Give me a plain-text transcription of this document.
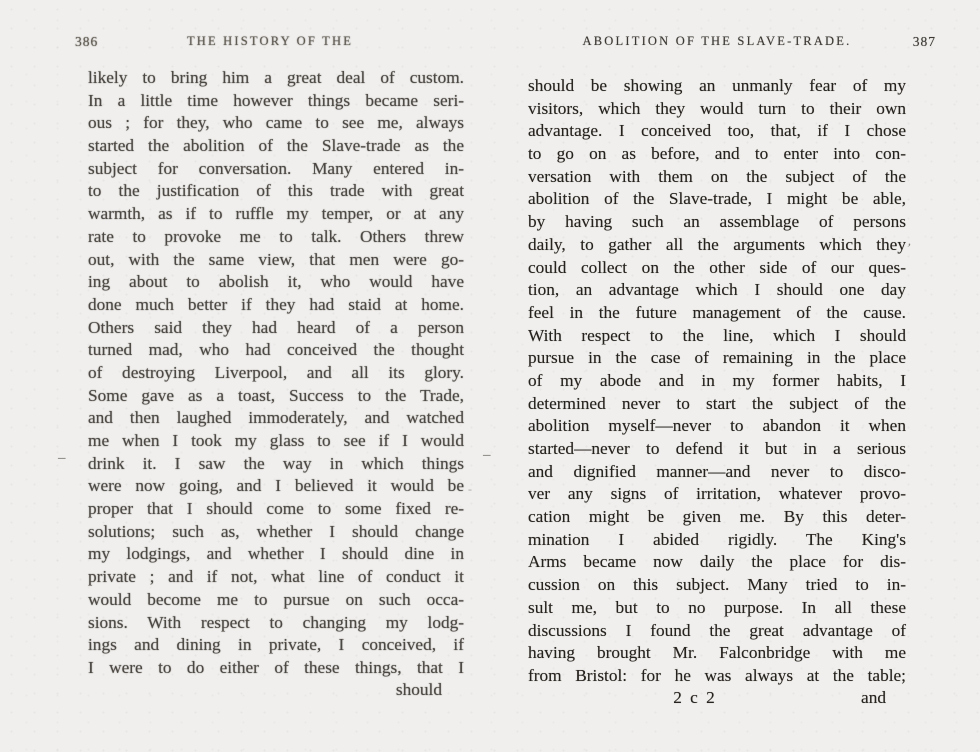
386	THE HISTORY OF THE
likely to bring him a great deal of custom.
In a little time however things became seri-
ous ; for they, who came to see me, always
started the abolition of the Slave-trade as the
subject for conversation. Many entered in-
to the justification of this trade with great
warmth, as if to ruffle my temper, or at any
rate to provoke me to talk. Others threw
out, with the same view, that men were go-
ing about to abolish it, who would have
done much better if they had staid at home.
Others said they had heard of a person
turned mad, who had conceived the thought
of destroying Liverpool, and all its glory.
Some gave as a toast, Success to the Trade,
and then laughed immoderately, and watched
me when I took my glass to see if I would
drink it. I saw the way in which things
were now going, and I believed it would be
proper that I should come to some fixed re-
solutions; such as, whether I should change
my lodgings, and whether I should dine in
private ; and if not, what line of conduct it
would become me to pursue on such occa-
sions. With respect to changing my lodg-
ings and dining in private, I conceived, if
I were to do either of these things, that I
should
–
-
ABOLITION OF THE SLAVE-TRADE.	387
should be showing an unmanly fear of my
visitors, which they would turn to their own
advantage. I conceived too, that, if I chose
to go on as before, and to enter into con-
versation with them on the subject of the
abolition of the Slave-trade, I might be able,
by having such an assemblage of persons
daily, to gather all the arguments which they
could collect on the other side of our ques-
tion, an advantage which I should one day
feel in the future management of the cause.
With respect to the line, which I should
pursue in the case of remaining in the place
of my abode and in my former habits, I
determined never to start the subject of the
abolition myself—never to abandon it when
started—never to defend it but in a serious
and dignified manner—and never to disco-
ver any signs of irritation, whatever provo-
cation might be given me. By this deter-
mination I abided rigidly. The King's
Arms became now daily the place for dis-
cussion on this subject. Many tried to in-
sult me, but to no purpose. In all these
discussions I found the great advantage of
having brought Mr. Falconbridge with me
from Bristol: for he was always at the table;
2 c 2	and
–
’
